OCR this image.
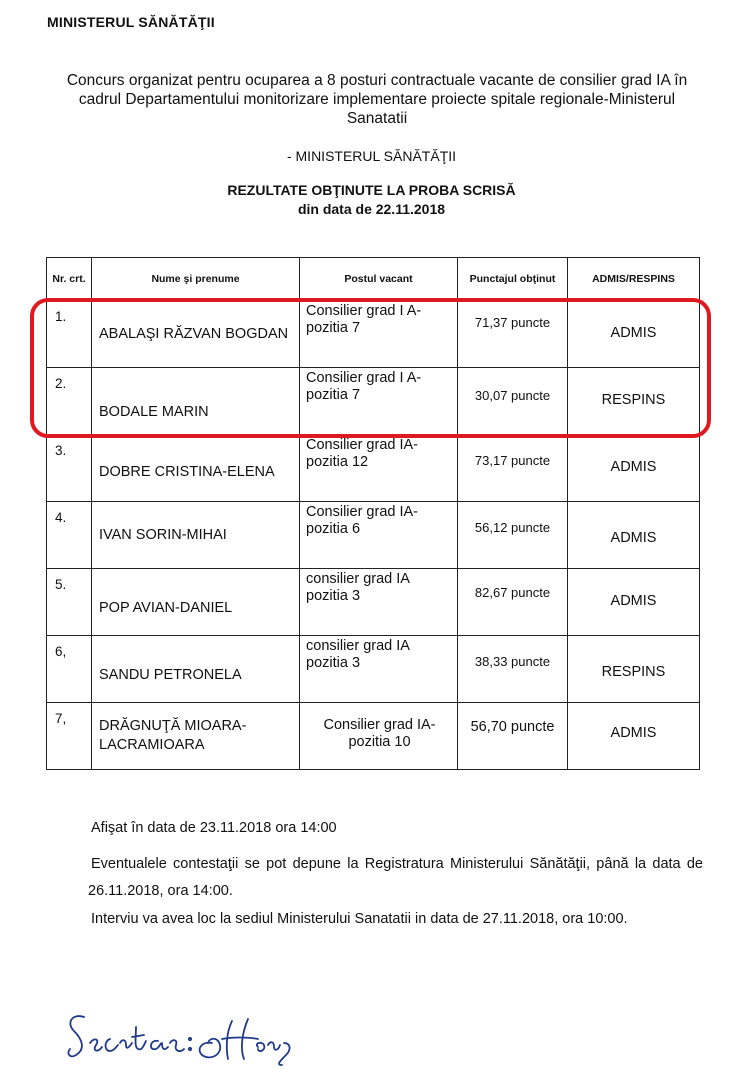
MINISTERUL SĂNĂTĂŢII
Concurs organizat pentru ocuparea a 8 posturi contractuale vacante de consilier grad IA în cadrul Departamentului monitorizare implementare proiecte spitale regionale-Ministerul Sanatatii
- MINISTERUL SĂNĂTĂŢII
REZULTATE OBŢINUTE LA PROBA SCRISĂ
din data de 22.11.2018
Nr. crt.	Nume şi prenume	Postul vacant	Punctajul obţinut	ADMIS/RESPINS

1.	ABALAŞI RĂZVAN BOGDAN	Consilier grad I A-pozitia 7	71,37 puncte	ADMIS

2.	BODALE MARIN	Consilier grad I A-pozitia 7	30,07 puncte	RESPINS

3.	DOBRE CRISTINA-ELENA	Consilier grad IA-pozitia 12	73,17 puncte	ADMIS

4.	IVAN SORIN-MIHAI	Consilier grad IA-pozitia 6	56,12 puncte	ADMIS

5.	POP AVIAN-DANIEL	consilier grad IA pozitia 3	82,67 puncte	ADMIS

6,	SANDU PETRONELA	consilier grad IA pozitia 3	38,33 puncte	RESPINS

7,	DRĂGNUŢĂ MIOARA-LACRAMIOARA	Consilier grad IA-pozitia 10	56,70 puncte	ADMIS
Afişat în data de 23.11.2018 ora 14:00
Eventualele contestaţii se pot depune la Registratura Ministerului Sănătăţii, până la data de
26.11.2018, ora 14:00.
Interviu va avea loc la sediul Ministerului Sanatatii in data de 27.11.2018, ora 10:00.
